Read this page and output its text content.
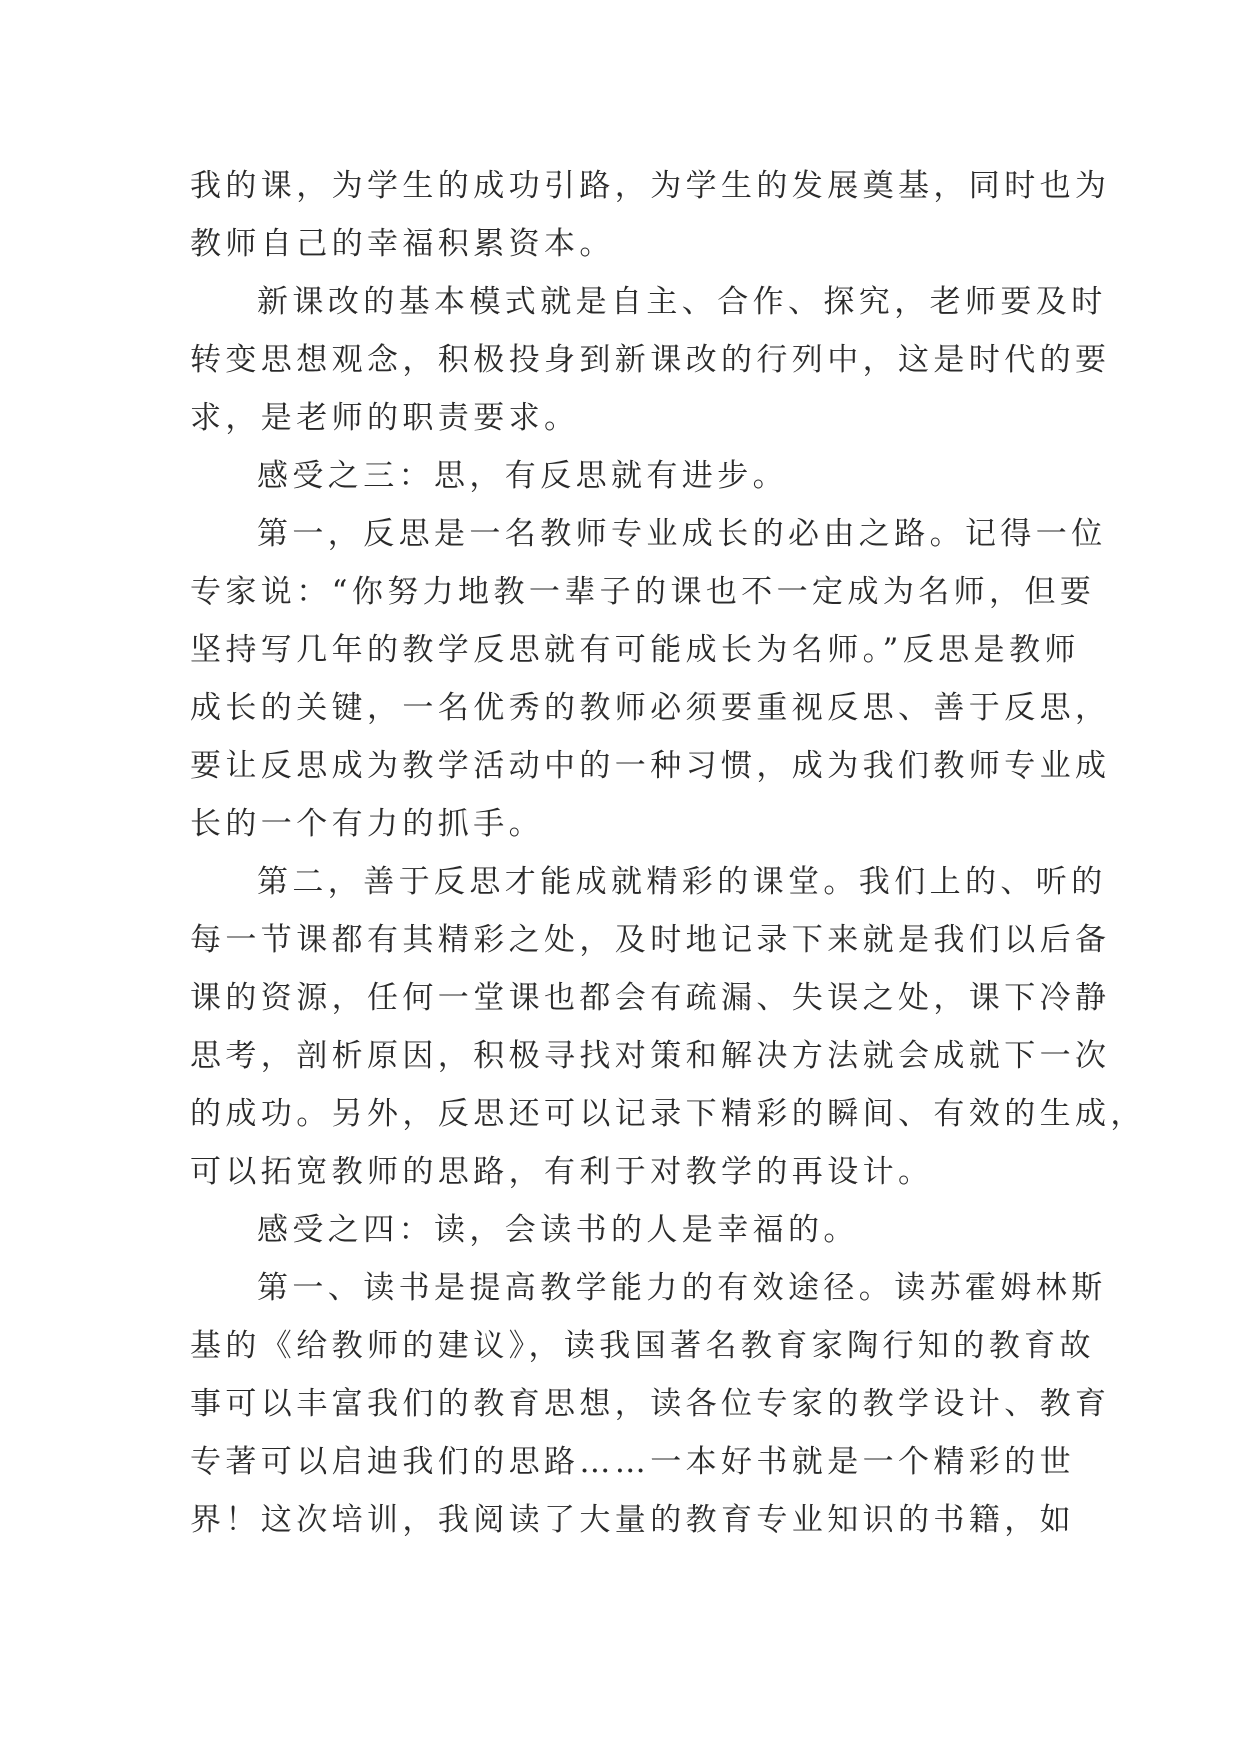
我的课，为学生的成功引路，为学生的发展奠基，同时也为
教师自己的幸福积累资本。
新课改的基本模式就是自主、合作、探究，老师要及时
转变思想观念，积极投身到新课改的行列中，这是时代的要
求，是老师的职责要求。
感受之三：思，有反思就有进步。
第一，反思是一名教师专业成长的必由之路。记得一位
专家说：“你努力地教一辈子的课也不一定成为名师，但要
坚持写几年的教学反思就有可能成长为名师。”反思是教师
成长的关键，一名优秀的教师必须要重视反思、善于反思，
要让反思成为教学活动中的一种习惯，成为我们教师专业成
长的一个有力的抓手。
第二，善于反思才能成就精彩的课堂。我们上的、听的
每一节课都有其精彩之处，及时地记录下来就是我们以后备
课的资源，任何一堂课也都会有疏漏、失误之处，课下冷静
思考，剖析原因，积极寻找对策和解决方法就会成就下一次
的成功。另外，反思还可以记录下精彩的瞬间、有效的生成，
可以拓宽教师的思路，有利于对教学的再设计。
感受之四：读，会读书的人是幸福的。
第一、读书是提高教学能力的有效途径。读苏霍姆林斯
基的《给教师的建议》，读我国著名教育家陶行知的教育故
事可以丰富我们的教育思想，读各位专家的教学设计、教育
专著可以启迪我们的思路……一本好书就是一个精彩的世
界！这次培训，我阅读了大量的教育专业知识的书籍，如
